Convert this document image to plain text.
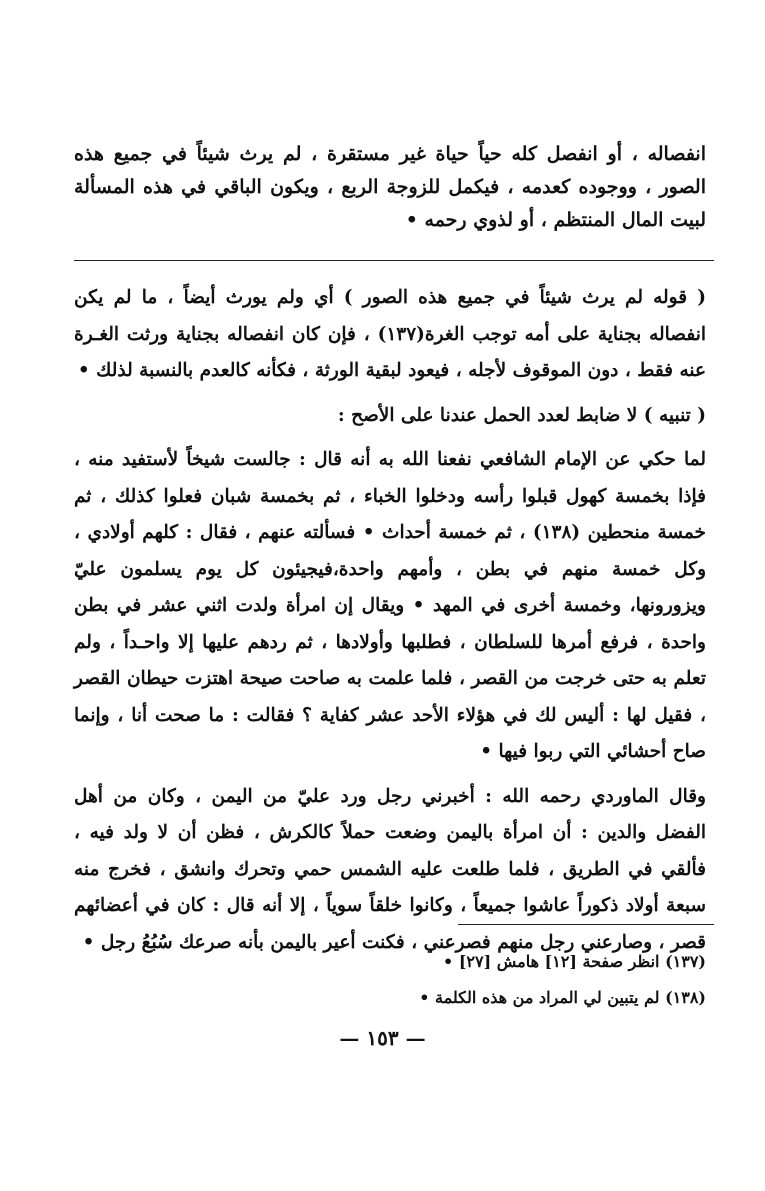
انفصاله ، أو انفصل كله حياً حياة غير مستقرة ، لم يرث شيئاً في جميع هذه الصور ، ووجوده كعدمه ، فيكمل للزوجة الربع ، ويكون الباقي في هذه المسألة لبيت المال المنتظم ، أو لذوي رحمه •

( قوله لم يرث شيئاً في جميع هذه الصور ) أي ولم يورث أيضاً ، ما لم يكن انفصاله بجناية على أمه توجب الغرة(١٣٧) ، فإن كان انفصاله بجناية ورثت الغـرة عنه فقط ، دون الموقوف لأجله ، فيعود لبقية الورثة ، فكأنه كالعدم بالنسبة لذلك •

( تنبيه ) لا ضابط لعدد الحمل عندنا على الأصح :

لما حكي عن الإمام الشافعي نفعنا الله به أنه قال : جالست شيخاً لأستفيد منه ، فإذا بخمسة كهول قبلوا رأسه ودخلوا الخباء ، ثم بخمسة شبان فعلوا كذلك ، ثم خمسة منحطين (١٣٨) ، ثم خمسة أحداث • فسألته عنهم ، فقال : كلهم أولادي ، وكل خمسة منهم في بطن ، وأمهم واحدة،فيجيئون كل يوم يسلمون عليّ ويزورونها، وخمسة أخرى في المهد • ويقال إن امرأة ولدت اثني عشر في بطن واحدة ، فرفع أمرها للسلطان ، فطلبها وأولادها ، ثم ردهم عليها إلا واحـداً ، ولم تعلم به حتى خرجت من القصر ، فلما علمت به صاحت صيحة اهتزت حيطان القصر ، فقيل لها : أليس لك في هؤلاء الأحد عشر كفاية ؟ فقالت : ما صحت أنا ، وإنما صاح أحشائي التي ربوا فيها •

وقال الماوردي رحمه الله : أخبرني رجل ورد عليّ من اليمن ، وكان من أهل الفضل والدين : أن امرأة باليمن وضعت حملاً كالكرش ، فظن أن لا ولد فيه ، فألقي في الطريق ، فلما طلعت عليه الشمس حمي وتحرك وانشق ، فخرج منه سبعة أولاد ذكوراً عاشوا جميعاً ، وكانوا خلقاً سوياً ، إلا أنه قال : كان في أعضائهم قصر ، وصارعني رجل منهم فصرعني ، فكنت أعير باليمن بأنه صرعك سُبُعُ رجل •

(١٣٧) انظر صفحة [١٢] هامش [٢٧] •

(١٣٨) لم يتبين لي المراد من هذه الكلمة •

— ١٥٣ —
